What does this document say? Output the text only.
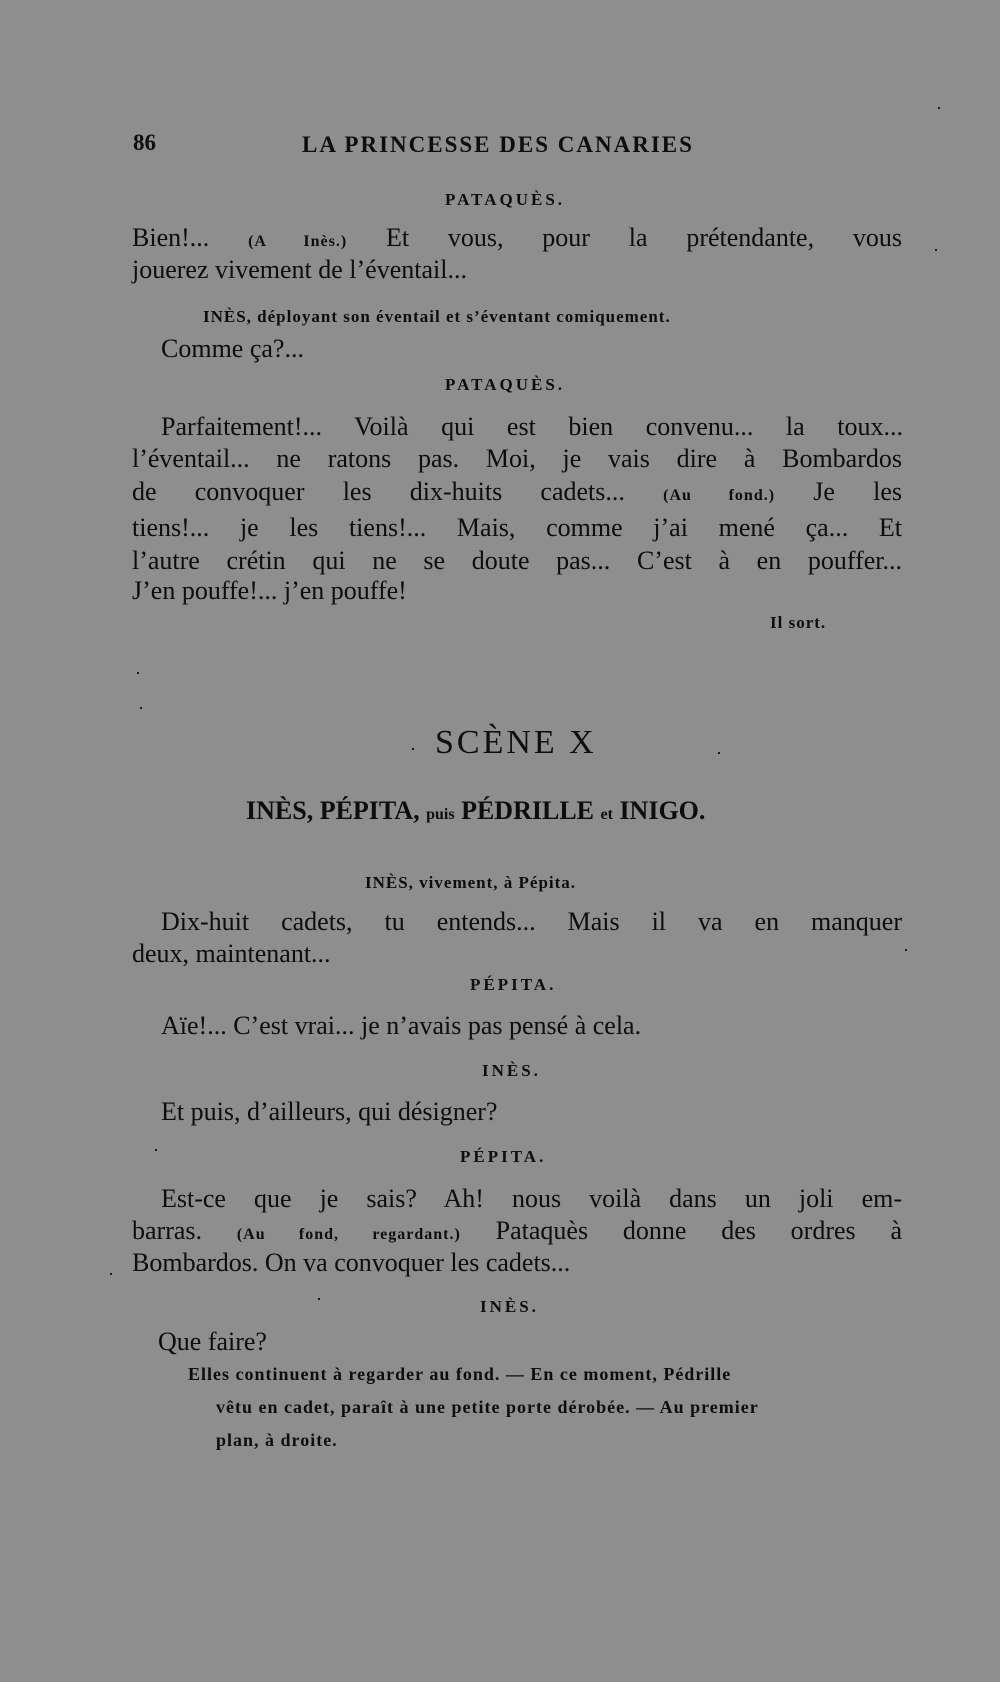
86	LA PRINCESSE DES CANARIES
PATAQUÈS.
Bien!... (A Inès.) Et vous, pour la prétendante, vous
jouerez vivement de l’éventail...
INÈS, déployant son éventail et s’éventant comiquement.
Comme ça?...
PATAQUÈS.
Parfaitement!... Voilà qui est bien convenu... la toux...
l’éventail... ne ratons pas. Moi, je vais dire à Bombardos
de convoquer les dix-huits cadets... (Au fond.) Je les
tiens!... je les tiens!... Mais, comme j’ai mené ça... Et
l’autre crétin qui ne se doute pas... C’est à en pouffer...
J’en pouffe!... j’en pouffe!
Il sort.
SCÈNE X
INÈS, PÉPITA, puis PÉDRILLE et INIGO.
INÈS, vivement, à Pépita.
Dix-huit cadets, tu entends... Mais il va en manquer
deux, maintenant...
PÉPITA.
Aïe!... C’est vrai... je n’avais pas pensé à cela.
INÈS.
Et puis, d’ailleurs, qui désigner?
PÉPITA.
Est-ce que je sais? Ah! nous voilà dans un joli em-
barras. (Au fond, regardant.) Pataquès donne des ordres à
Bombardos. On va convoquer les cadets...
INÈS.
Que faire?
Elles continuent à regarder au fond. — En ce moment, Pédrille
vêtu en cadet, paraît à une petite porte dérobée. — Au premier
plan, à droite.
